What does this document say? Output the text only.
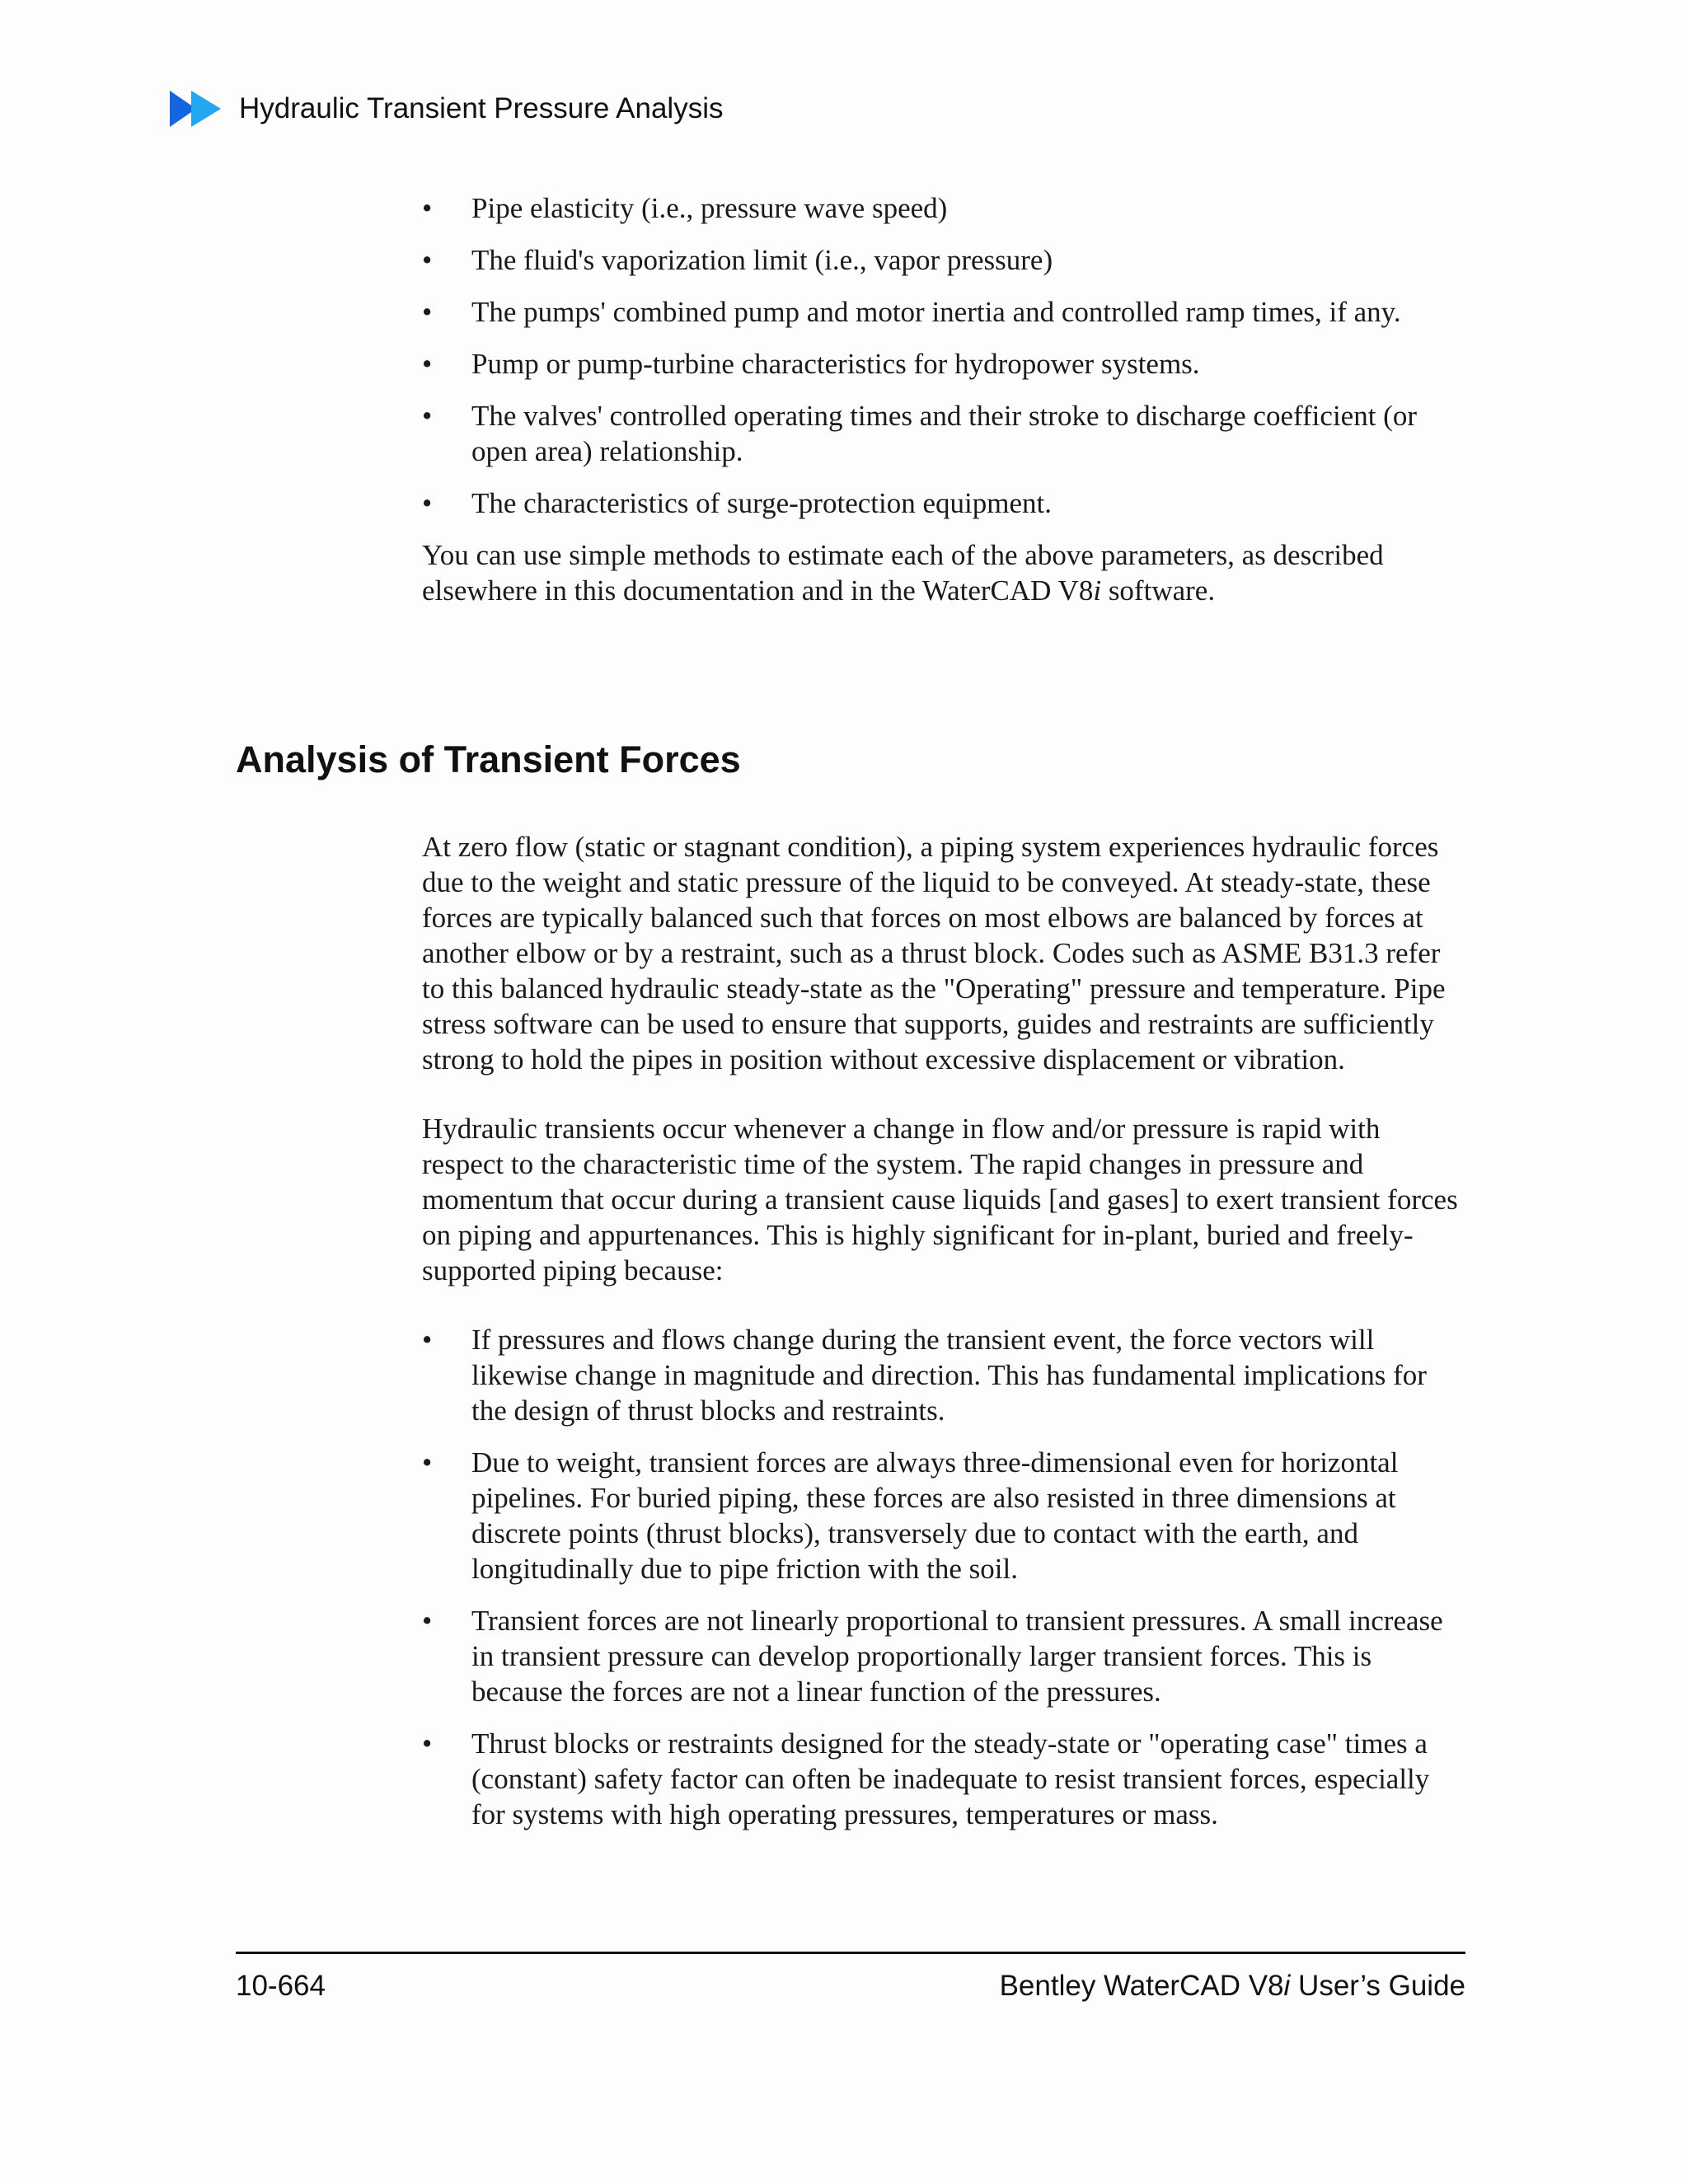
Hydraulic Transient Pressure Analysis
• Pipe elasticity (i.e., pressure wave speed)
• The fluid's vaporization limit (i.e., vapor pressure)
• The pumps' combined pump and motor inertia and controlled ramp times, if any.
• Pump or pump-turbine characteristics for hydropower systems.
• The valves' controlled operating times and their stroke to discharge coefficient (or open area) relationship.
• The characteristics of surge-protection equipment.

You can use simple methods to estimate each of the above parameters, as described elsewhere in this documentation and in the WaterCAD V8i software.

Analysis of Transient Forces

At zero flow (static or stagnant condition), a piping system experiences hydraulic forces due to the weight and static pressure of the liquid to be conveyed. At steady-state, these forces are typically balanced such that forces on most elbows are balanced by forces at another elbow or by a restraint, such as a thrust block. Codes such as ASME B31.3 refer to this balanced hydraulic steady-state as the "Operating" pressure and temperature. Pipe stress software can be used to ensure that supports, guides and restraints are sufficiently strong to hold the pipes in position without excessive displacement or vibration.

Hydraulic transients occur whenever a change in flow and/or pressure is rapid with respect to the characteristic time of the system. The rapid changes in pressure and momentum that occur during a transient cause liquids [and gases] to exert transient forces on piping and appurtenances. This is highly significant for in-plant, buried and freely-supported piping because:

• If pressures and flows change during the transient event, the force vectors will likewise change in magnitude and direction. This has fundamental implications for the design of thrust blocks and restraints.
• Due to weight, transient forces are always three-dimensional even for horizontal pipelines. For buried piping, these forces are also resisted in three dimensions at discrete points (thrust blocks), transversely due to contact with the earth, and longitudinally due to pipe friction with the soil.
• Transient forces are not linearly proportional to transient pressures. A small increase in transient pressure can develop proportionally larger transient forces. This is because the forces are not a linear function of the pressures.
• Thrust blocks or restraints designed for the steady-state or "operating case" times a (constant) safety factor can often be inadequate to resist transient forces, especially for systems with high operating pressures, temperatures or mass.
10-664	Bentley WaterCAD V8i User’s Guide
